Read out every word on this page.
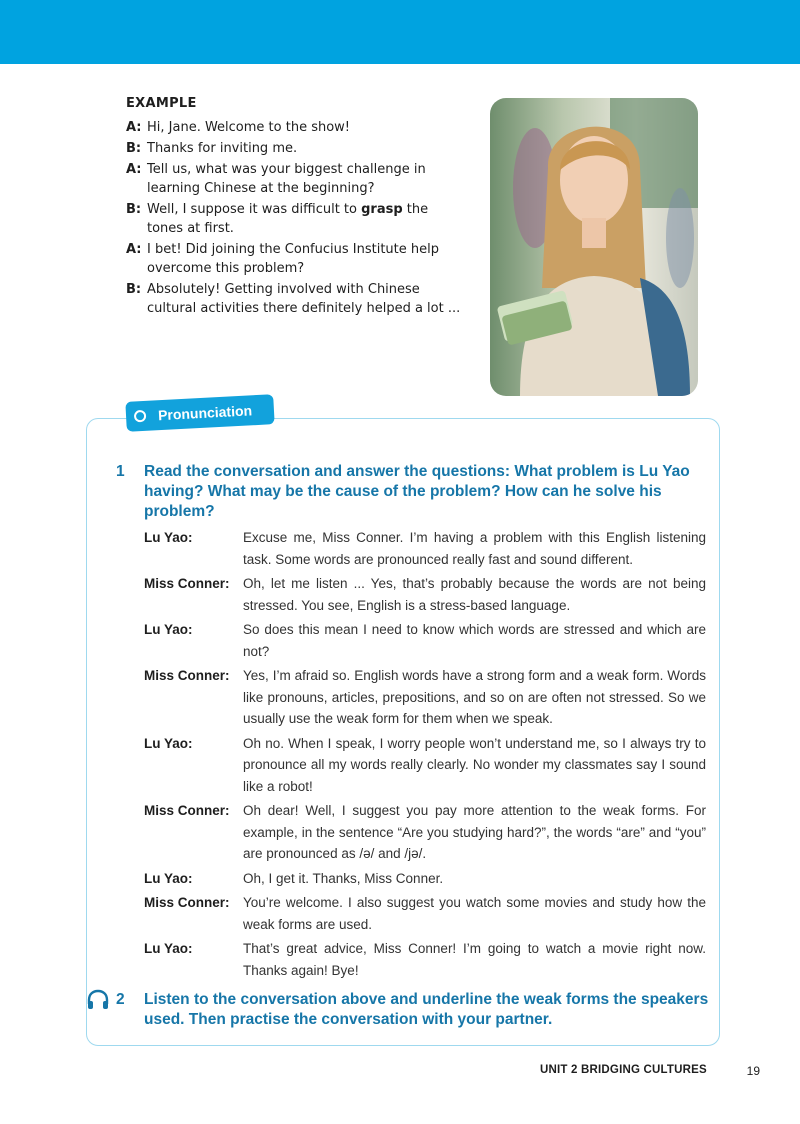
EXAMPLE
A: Hi, Jane. Welcome to the show!
B: Thanks for inviting me.
A: Tell us, what was your biggest challenge in learning Chinese at the beginning?
B: Well, I suppose it was difficult to grasp the tones at first.
A: I bet! Did joining the Confucius Institute help overcome this problem?
B: Absolutely! Getting involved with Chinese cultural activities there definitely helped a lot ...
Pronunciation
1	Read the conversation and answer the questions: What problem is Lu Yao having? What may be the cause of the problem? How can he solve his problem?
Lu Yao:	Excuse me, Miss Conner. I’m having a problem with this English listening task. Some words are pronounced really fast and sound different.
Miss Conner: Oh, let me listen ... Yes, that’s probably because the words are not being stressed. You see, English is a stress-based language.
Lu Yao:	So does this mean I need to know which words are stressed and which are not?
Miss Conner: Yes, I’m afraid so. English words have a strong form and a weak form. Words like pronouns, articles, prepositions, and so on are often not stressed. So we usually use the weak form for them when we speak.
Lu Yao:	Oh no. When I speak, I worry people won’t understand me, so I always try to pronounce all my words really clearly. No wonder my classmates say I sound like a robot!
Miss Conner: Oh dear! Well, I suggest you pay more attention to the weak forms. For example, in the sentence “Are you studying hard?”, the words “are” and “you” are pronounced as /ə/ and /jə/.
Lu Yao:	Oh, I get it. Thanks, Miss Conner.
Miss Conner: You’re welcome. I also suggest you watch some movies and study how the weak forms are used.
Lu Yao:	That’s great advice, Miss Conner! I’m going to watch a movie right now. Thanks again! Bye!
2	Listen to the conversation above and underline the weak forms the speakers used. Then practise the conversation with your partner.
UNIT 2 BRIDGING CULTURES	19
